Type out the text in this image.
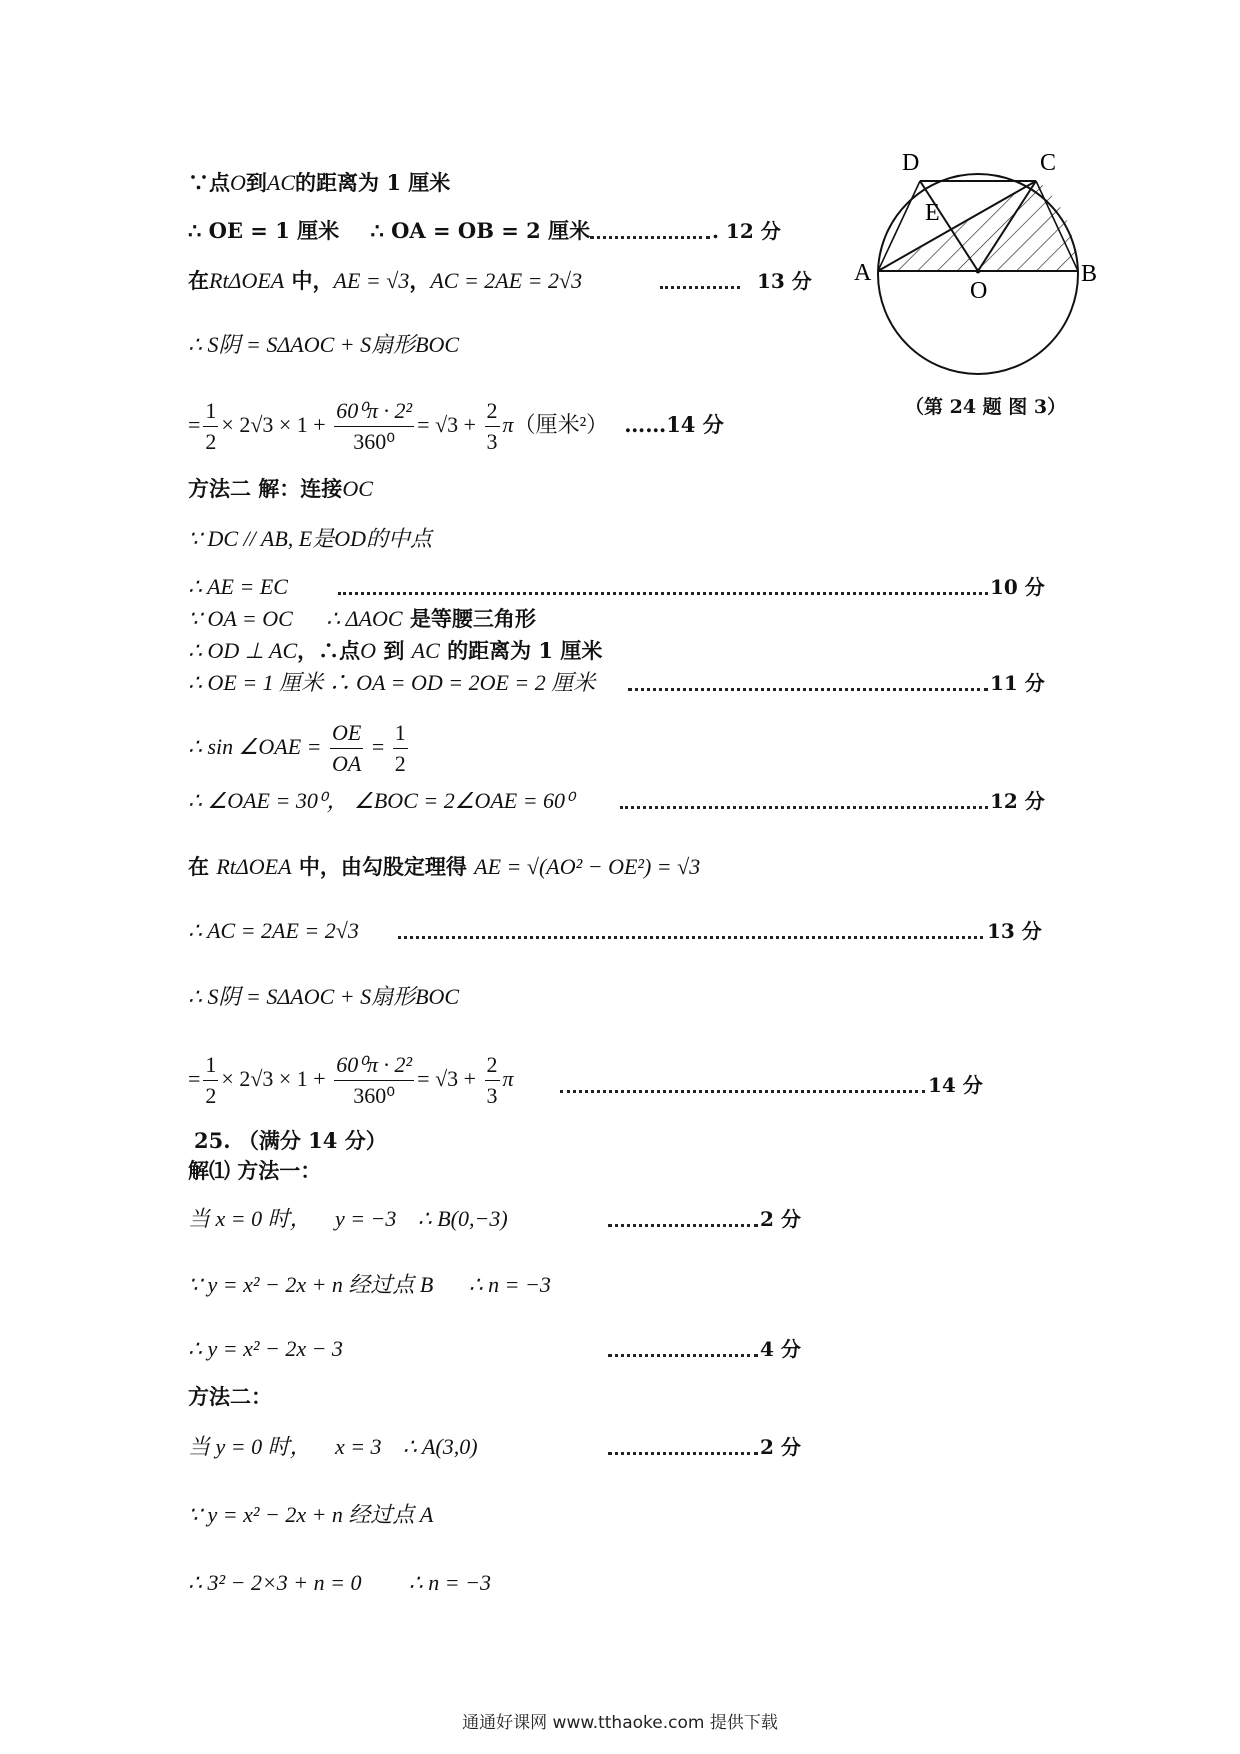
D	C
E
A
O
B
（第 24 题 图 3）
∵点O到AC的距离为 1 厘米
∴ OE = 1 厘米 ∴ OA = OB = 2 厘米	. 12 分
在RtΔOEA 中，AE = √3，AC = 2AE = 2√3	13 分
∴ S阴 = SΔAOC + S扇形BOC
= $\frac{1}{2} \times 2√3 \times 1 + \frac{\text{60⁰π · 2²}}{\text{360⁰}} = √3 + \frac{2}{3} \pi$（厘米²） ……14 分
方法二 解：连接OC
∵ DC // AB, E是OD的中点
∴ AE = EC	10 分
∵ OA = OC ∴ ΔAOC 是等腰三角形
∴ OD ⊥ AC，∴点O 到 AC 的距离为 1 厘米
∴ OE = 1 厘米 ∴ OA = OD = 2OE = 2 厘米	11 分
∴ sin ∠OAE = $\frac{OE}{OA} = \frac{1}{2}$
∴ ∠OAE = 30⁰， ∠BOC = 2∠OAE = 60⁰	12 分
在 RtΔOEA 中，由勾股定理得 AE = √(AO² − OE²) = √3
∴ AC = 2AE = 2√3	13 分
∴ S阴 = SΔAOC + S扇形BOC
= $\frac{1}{2} \times 2√3 \times 1 + \frac{\text{60⁰π · 2²}}{\text{360⁰}} = √3 + \frac{2}{3}$ π	14 分
25. （满分 14 分）
解⑴ 方法一：
当 x = 0 时， y = −3 ∴ B(0,−3)	2 分
∵ y = x² − 2x + n 经过点 B ∴ n = −3
∴ y = x² − 2x − 3	4 分
方法二：
当 y = 0 时， x = 3 ∴ A(3,0)	2 分
∵ y = x² − 2x + n 经过点 A
∴ 3² − 2×3 + n = 0 ∴ n = −3
通通好课网 www.tthaoke.com 提供下载
